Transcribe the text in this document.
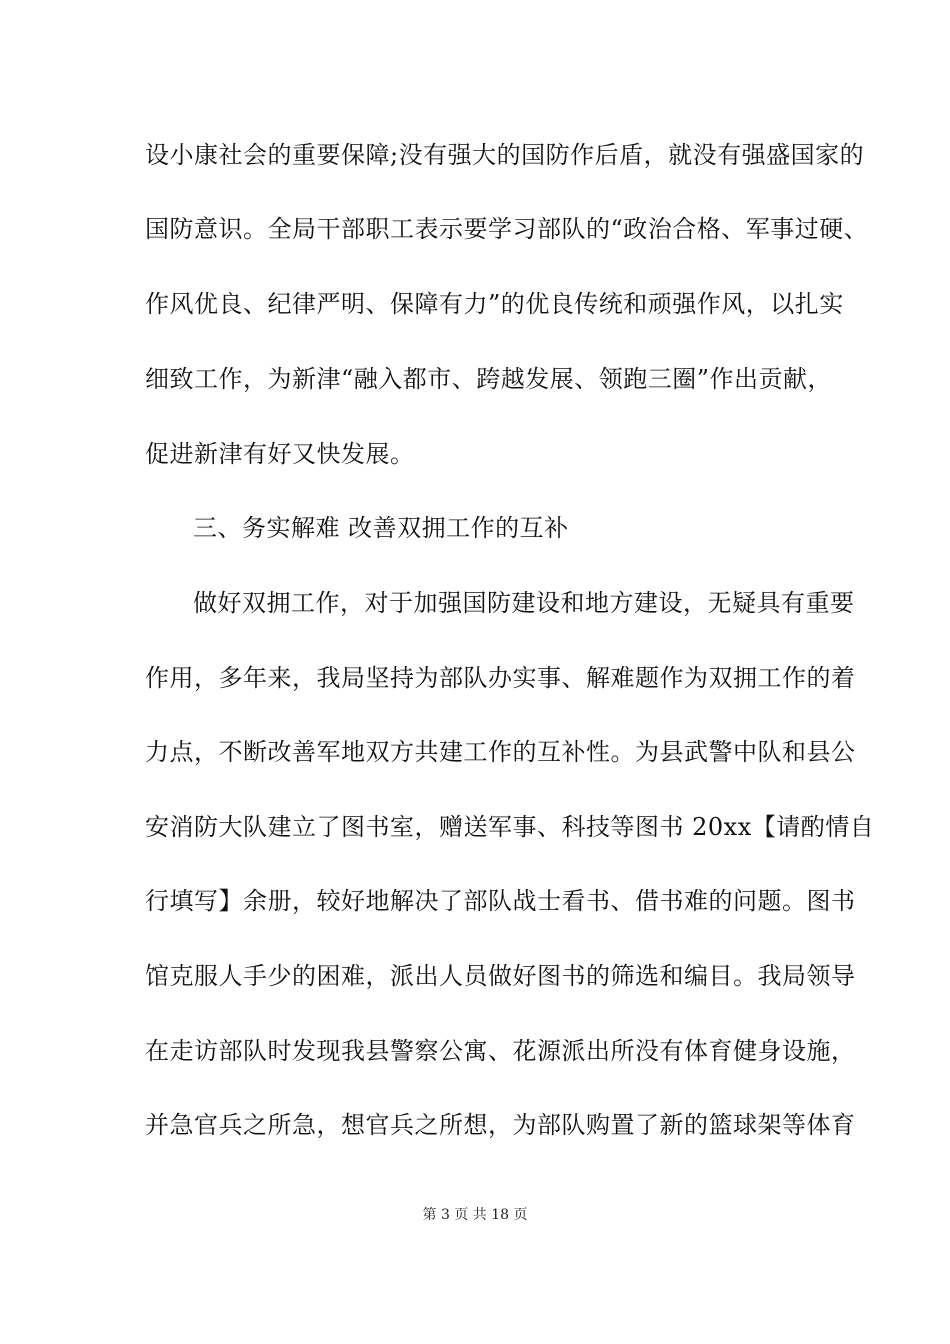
设小康社会的重要保障;没有强大的国防作后盾，就没有强盛国家的
国防意识。全局干部职工表示要学习部队的“政治合格、军事过硬、
作风优良、纪律严明、保障有力”的优良传统和顽强作风，以扎实
细致工作，为新津“融入都市、跨越发展、领跑三圈”作出贡献，
促进新津有好又快发展。
三、务实解难 改善双拥工作的互补
做好双拥工作，对于加强国防建设和地方建设，无疑具有重要
作用，多年来，我局坚持为部队办实事、解难题作为双拥工作的着
力点，不断改善军地双方共建工作的互补性。为县武警中队和县公
安消防大队建立了图书室，赠送军事、科技等图书 20xx【请酌情自
行填写】余册，较好地解决了部队战士看书、借书难的问题。图书
馆克服人手少的困难，派出人员做好图书的筛选和编目。我局领导
在走访部队时发现我县警察公寓、花源派出所没有体育健身设施，
并急官兵之所急，想官兵之所想，为部队购置了新的篮球架等体育
第 3 页 共 18 页
